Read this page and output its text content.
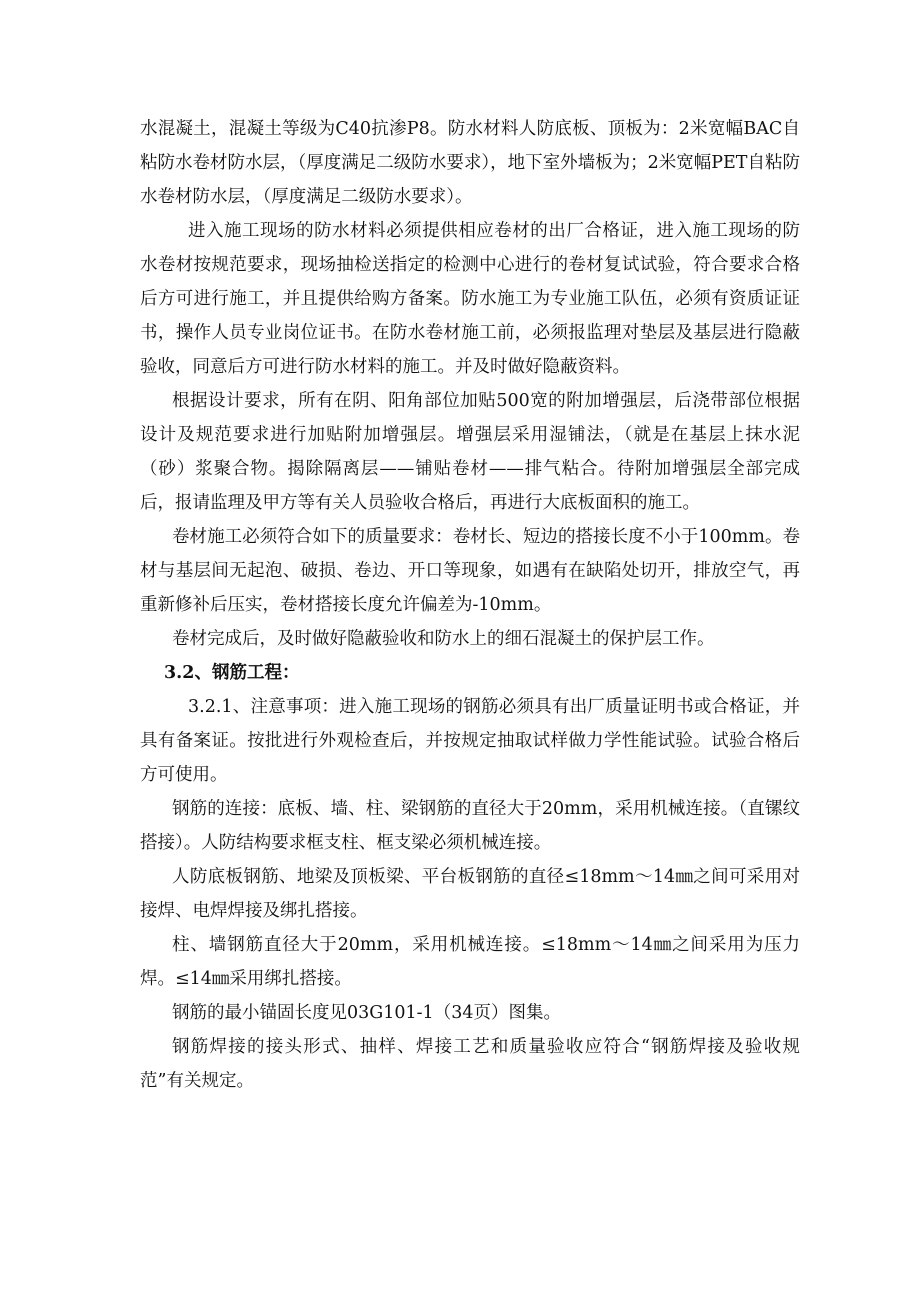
水混凝土，混凝土等级为C40抗渗P8。防水材料人防底板、顶板为：2米宽幅BAC自粘防水卷材防水层，（厚度满足二级防水要求），地下室外墙板为；2米宽幅PET自粘防水卷材防水层，（厚度满足二级防水要求）。

进入施工现场的防水材料必须提供相应卷材的出厂合格证，进入施工现场的防水卷材按规范要求，现场抽检送指定的检测中心进行的卷材复试试验，符合要求合格后方可进行施工，并且提供给购方备案。防水施工为专业施工队伍，必须有资质证证书，操作人员专业岗位证书。在防水卷材施工前，必须报监理对垫层及基层进行隐蔽验收，同意后方可进行防水材料的施工。并及时做好隐蔽资料。

根据设计要求，所有在阴、阳角部位加贴500宽的附加增强层，后浇带部位根据设计及规范要求进行加贴附加增强层。增强层采用湿铺法，（就是在基层上抹水泥（砂）浆聚合物。揭除隔离层——铺贴卷材——排气粘合。待附加增强层全部完成后，报请监理及甲方等有关人员验收合格后，再进行大底板面积的施工。

卷材施工必须符合如下的质量要求：卷材长、短边的搭接长度不小于100mm。卷材与基层间无起泡、破损、卷边、开口等现象，如遇有在缺陷处切开，排放空气，再重新修补后压实，卷材搭接长度允许偏差为-10mm。

卷材完成后，及时做好隐蔽验收和防水上的细石混凝土的保护层工作。

3.2、钢筋工程：

3.2.1、注意事项：进入施工现场的钢筋必须具有出厂质量证明书或合格证，并具有备案证。按批进行外观检查后，并按规定抽取试样做力学性能试验。试验合格后方可使用。

钢筋的连接：底板、墙、柱、梁钢筋的直径大于20mm，采用机械连接。（直镙纹搭接）。人防结构要求框支柱、框支梁必须机械连接。

人防底板钢筋、地梁及顶板梁、平台板钢筋的直径≤18mm～14㎜之间可采用对接焊、电焊焊接及绑扎搭接。

柱、墙钢筋直径大于20mm，采用机械连接。≤18mm～14㎜之间采用为压力焊。≤14㎜采用绑扎搭接。

钢筋的最小锚固长度见03G101-1（34页）图集。

钢筋焊接的接头形式、抽样、焊接工艺和质量验收应符合“钢筋焊接及验收规范”有关规定。
